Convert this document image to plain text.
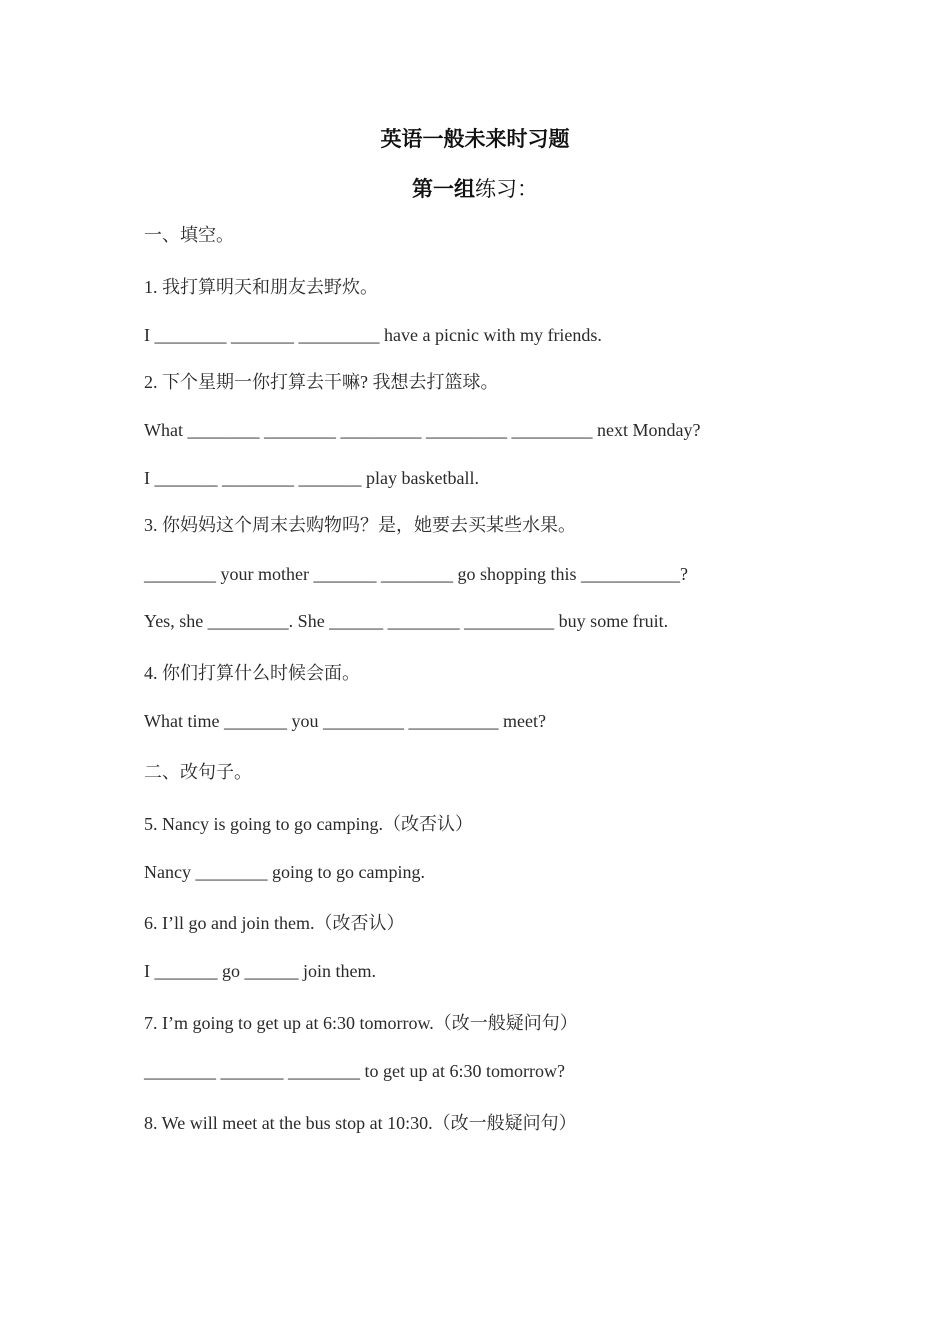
英语一般未来时习题
第一组练习：
一、填空。
1. 我打算明天和朋友去野炊。
I ________ _______ _________ have a picnic with my friends.
2. 下个星期一你打算去干嘛? 我想去打篮球。
What ________ ________ _________ _________ _________ next Monday?
I _______ ________ _______ play basketball.
3. 你妈妈这个周末去购物吗？是，她要去买某些水果。
________ your mother _______ ________ go shopping this ___________?
Yes, she _________. She ______ ________ __________ buy some fruit.
4. 你们打算什么时候会面。
What time _______ you _________ __________ meet?
二、改句子。
5. Nancy is going to go camping.（改否认）
Nancy ________ going to go camping.
6. I’ll go and join them.（改否认）
I _______ go ______ join them.
7. I’m going to get up at 6:30 tomorrow.（改一般疑问句）
________ _______ ________ to get up at 6:30 tomorrow?
8. We will meet at the bus stop at 10:30.（改一般疑问句）
